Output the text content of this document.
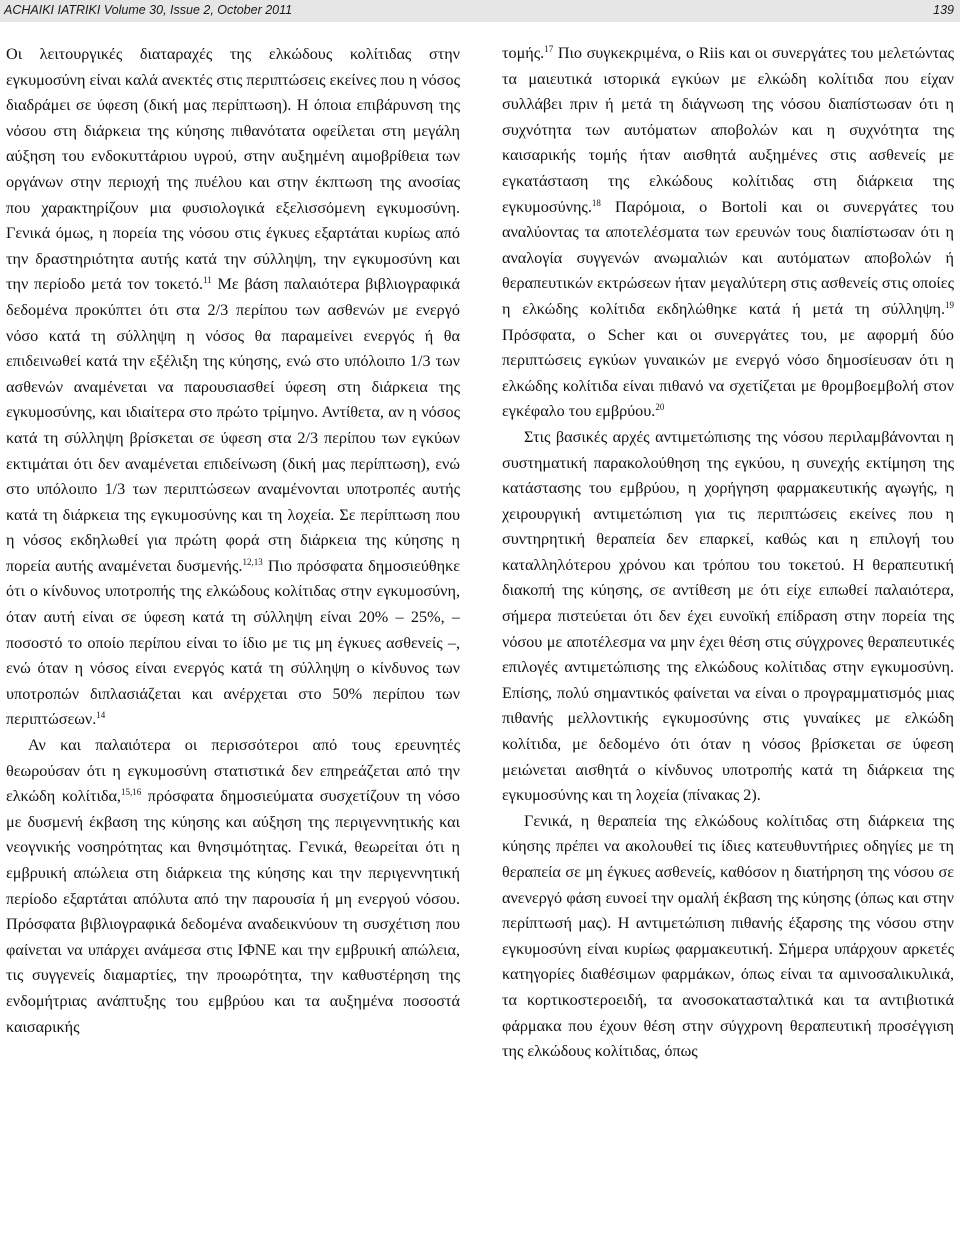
ACHAIKI IATRIKI Volume 30, Issue 2, October 2011	139

Οι λειτουργικές διαταραχές της ελκώδους κολίτιδας στην εγκυμοσύνη είναι καλά ανεκτές στις περιπτώσεις εκείνες που η νόσος διαδράμει σε ύφεση (δική μας περίπτωση). Η όποια επιβάρυνση της νόσου στη διάρκεια της κύησης πιθανότατα οφείλεται στη μεγάλη αύξηση του ενδοκυττάριου υγρού, στην αυξημένη αιμοβρίθεια των οργάνων στην περιοχή της πυέλου και στην έκπτωση της ανοσίας που χαρακτηρίζουν μια φυσιολογικά εξελισσόμενη εγκυμοσύνη. Γενικά όμως, η πορεία της νόσου στις έγκυες εξαρτάται κυρίως από την δραστηριότητα αυτής κατά την σύλληψη, την εγκυμοσύνη και την περίοδο μετά τον τοκετό.$^{11}$ Με βάση παλαιότερα βιβλιογραφικά δεδομένα προκύπτει ότι στα 2/3 περίπου των ασθενών με ενεργό νόσο κατά τη σύλληψη η νόσος θα παραμείνει ενεργός ή θα επιδεινωθεί κατά την εξέλιξη της κύησης, ενώ στο υπόλοιπο 1/3 των ασθενών αναμένεται να παρουσιασθεί ύφεση στη διάρκεια της εγκυμοσύνης, και ιδιαίτερα στο πρώτο τρίμηνο. Αντίθετα, αν η νόσος κατά τη σύλληψη βρίσκεται σε ύφεση στα 2/3 περίπου των εγκύων εκτιμάται ότι δεν αναμένεται επιδείνωση (δική μας περίπτωση), ενώ στο υπόλοιπο 1/3 των περιπτώσεων αναμένονται υποτροπές αυτής κατά τη διάρκεια της εγκυμοσύνης και τη λοχεία. Σε περίπτωση που η νόσος εκδηλωθεί για πρώτη φορά στη διάρκεια της κύησης η πορεία αυτής αναμένεται δυσμενής.$^{12,13}$ Πιο πρόσφατα δημοσιεύθηκε ότι ο κίνδυνος υποτροπής της ελκώδους κολίτιδας στην εγκυμοσύνη, όταν αυτή είναι σε ύφεση κατά τη σύλληψη είναι 20% – 25%, – ποσοστό το οποίο περίπου είναι το ίδιο με τις μη έγκυες ασθενείς –, ενώ όταν η νόσος είναι ενεργός κατά τη σύλληψη ο κίνδυνος των υποτροπών διπλασιάζεται και ανέρχεται στο 50% περίπου των περιπτώσεων.$^{14}$

Αν και παλαιότερα οι περισσότεροι από τους ερευνητές θεωρούσαν ότι η εγκυμοσύνη στατιστικά δεν επηρεάζεται από την ελκώδη κολίτιδα,$^{15,16}$ πρόσφατα δημοσιεύματα συσχετίζουν τη νόσο με δυσμενή έκβαση της κύησης και αύξηση της περιγεννητικής και νεογνικής νοσηρότητας και θνησιμότητας. Γενικά, θεωρείται ότι η εμβρυική απώλεια στη διάρκεια της κύησης και την περιγεννητική περίοδο εξαρτάται απόλυτα από την παρουσία ή μη ενεργού νόσου. Πρόσφατα βιβλιογραφικά δεδομένα αναδεικνύουν τη συσχέτιση που φαίνεται να υπάρχει ανάμεσα στις ΙΦΝΕ και την εμβρυική απώλεια, τις συγγενείς διαμαρτίες, την προωρότητα, την καθυστέρηση της ενδομήτριας ανάπτυξης του εμβρύου και τα αυξημένα ποσοστά καισαρικής

τομής.$^{17}$ Πιο συγκεκριμένα, ο Riis και οι συνεργάτες του μελετώντας τα μαιευτικά ιστορικά εγκύων με ελκώδη κολίτιδα που είχαν συλλάβει πριν ή μετά τη διάγνωση της νόσου διαπίστωσαν ότι η συχνότητα των αυτόματων αποβολών και η συχνότητα της καισαρικής τομής ήταν αισθητά αυξημένες στις ασθενείς με εγκατάσταση της ελκώδους κολίτιδας στη διάρκεια της εγκυμοσύνης.$^{18}$ Παρόμοια, ο Bortoli και οι συνεργάτες του αναλύοντας τα αποτελέσματα των ερευνών τους διαπίστωσαν ότι η αναλογία συγγενών ανωμαλιών και αυτόματων αποβολών ή θεραπευτικών εκτρώσεων ήταν μεγαλύτερη στις ασθενείς στις οποίες η ελκώδης κολίτιδα εκδηλώθηκε κατά ή μετά τη σύλληψη.$^{19}$ Πρόσφατα, ο Scher και οι συνεργάτες του, με αφορμή δύο περιπτώσεις εγκύων γυναικών με ενεργό νόσο δημοσίευσαν ότι η ελκώδης κολίτιδα είναι πιθανό να σχετίζεται με θρομβοεμβολή στον εγκέφαλο του εμβρύου.$^{20}$

Στις βασικές αρχές αντιμετώπισης της νόσου περιλαμβάνονται η συστηματική παρακολούθηση της εγκύου, η συνεχής εκτίμηση της κατάστασης του εμβρύου, η χορήγηση φαρμακευτικής αγωγής, η χειρουργική αντιμετώπιση για τις περιπτώσεις εκείνες που η συντηρητική θεραπεία δεν επαρκεί, καθώς και η επιλογή του καταλληλότερου χρόνου και τρόπου του τοκετού. Η θεραπευτική διακοπή της κύησης, σε αντίθεση με ότι είχε ειπωθεί παλαιότερα, σήμερα πιστεύεται ότι δεν έχει ευνοϊκή επίδραση στην πορεία της νόσου με αποτέλεσμα να μην έχει θέση στις σύγχρονες θεραπευτικές επιλογές αντιμετώπισης της ελκώδους κολίτιδας στην εγκυμοσύνη. Επίσης, πολύ σημαντικός φαίνεται να είναι ο προγραμματισμός μιας πιθανής μελλοντικής εγκυμοσύνης στις γυναίκες με ελκώδη κολίτιδα, με δεδομένο ότι όταν η νόσος βρίσκεται σε ύφεση μειώνεται αισθητά ο κίνδυνος υποτροπής κατά τη διάρκεια της εγκυμοσύνης και τη λοχεία (πίνακας 2).

Γενικά, η θεραπεία της ελκώδους κολίτιδας στη διάρκεια της κύησης πρέπει να ακολουθεί τις ίδιες κατευθυντήριες οδηγίες με τη θεραπεία σε μη έγκυες ασθενείς, καθόσον η διατήρηση της νόσου σε ανενεργό φάση ευνοεί την ομαλή έκβαση της κύησης (όπως και στην περίπτωσή μας). Η αντιμετώπιση πιθανής έξαρσης της νόσου στην εγκυμοσύνη είναι κυρίως φαρμακευτική. Σήμερα υπάρχουν αρκετές κατηγορίες διαθέσιμων φαρμάκων, όπως είναι τα αμινοσαλικυλικά, τα κορτικοστεροειδή, τα ανοσοκατασταλτικά και τα αντιβιοτικά φάρμακα που έχουν θέση στην σύγχρονη θεραπευτική προσέγγιση της ελκώδους κολίτιδας, όπως
